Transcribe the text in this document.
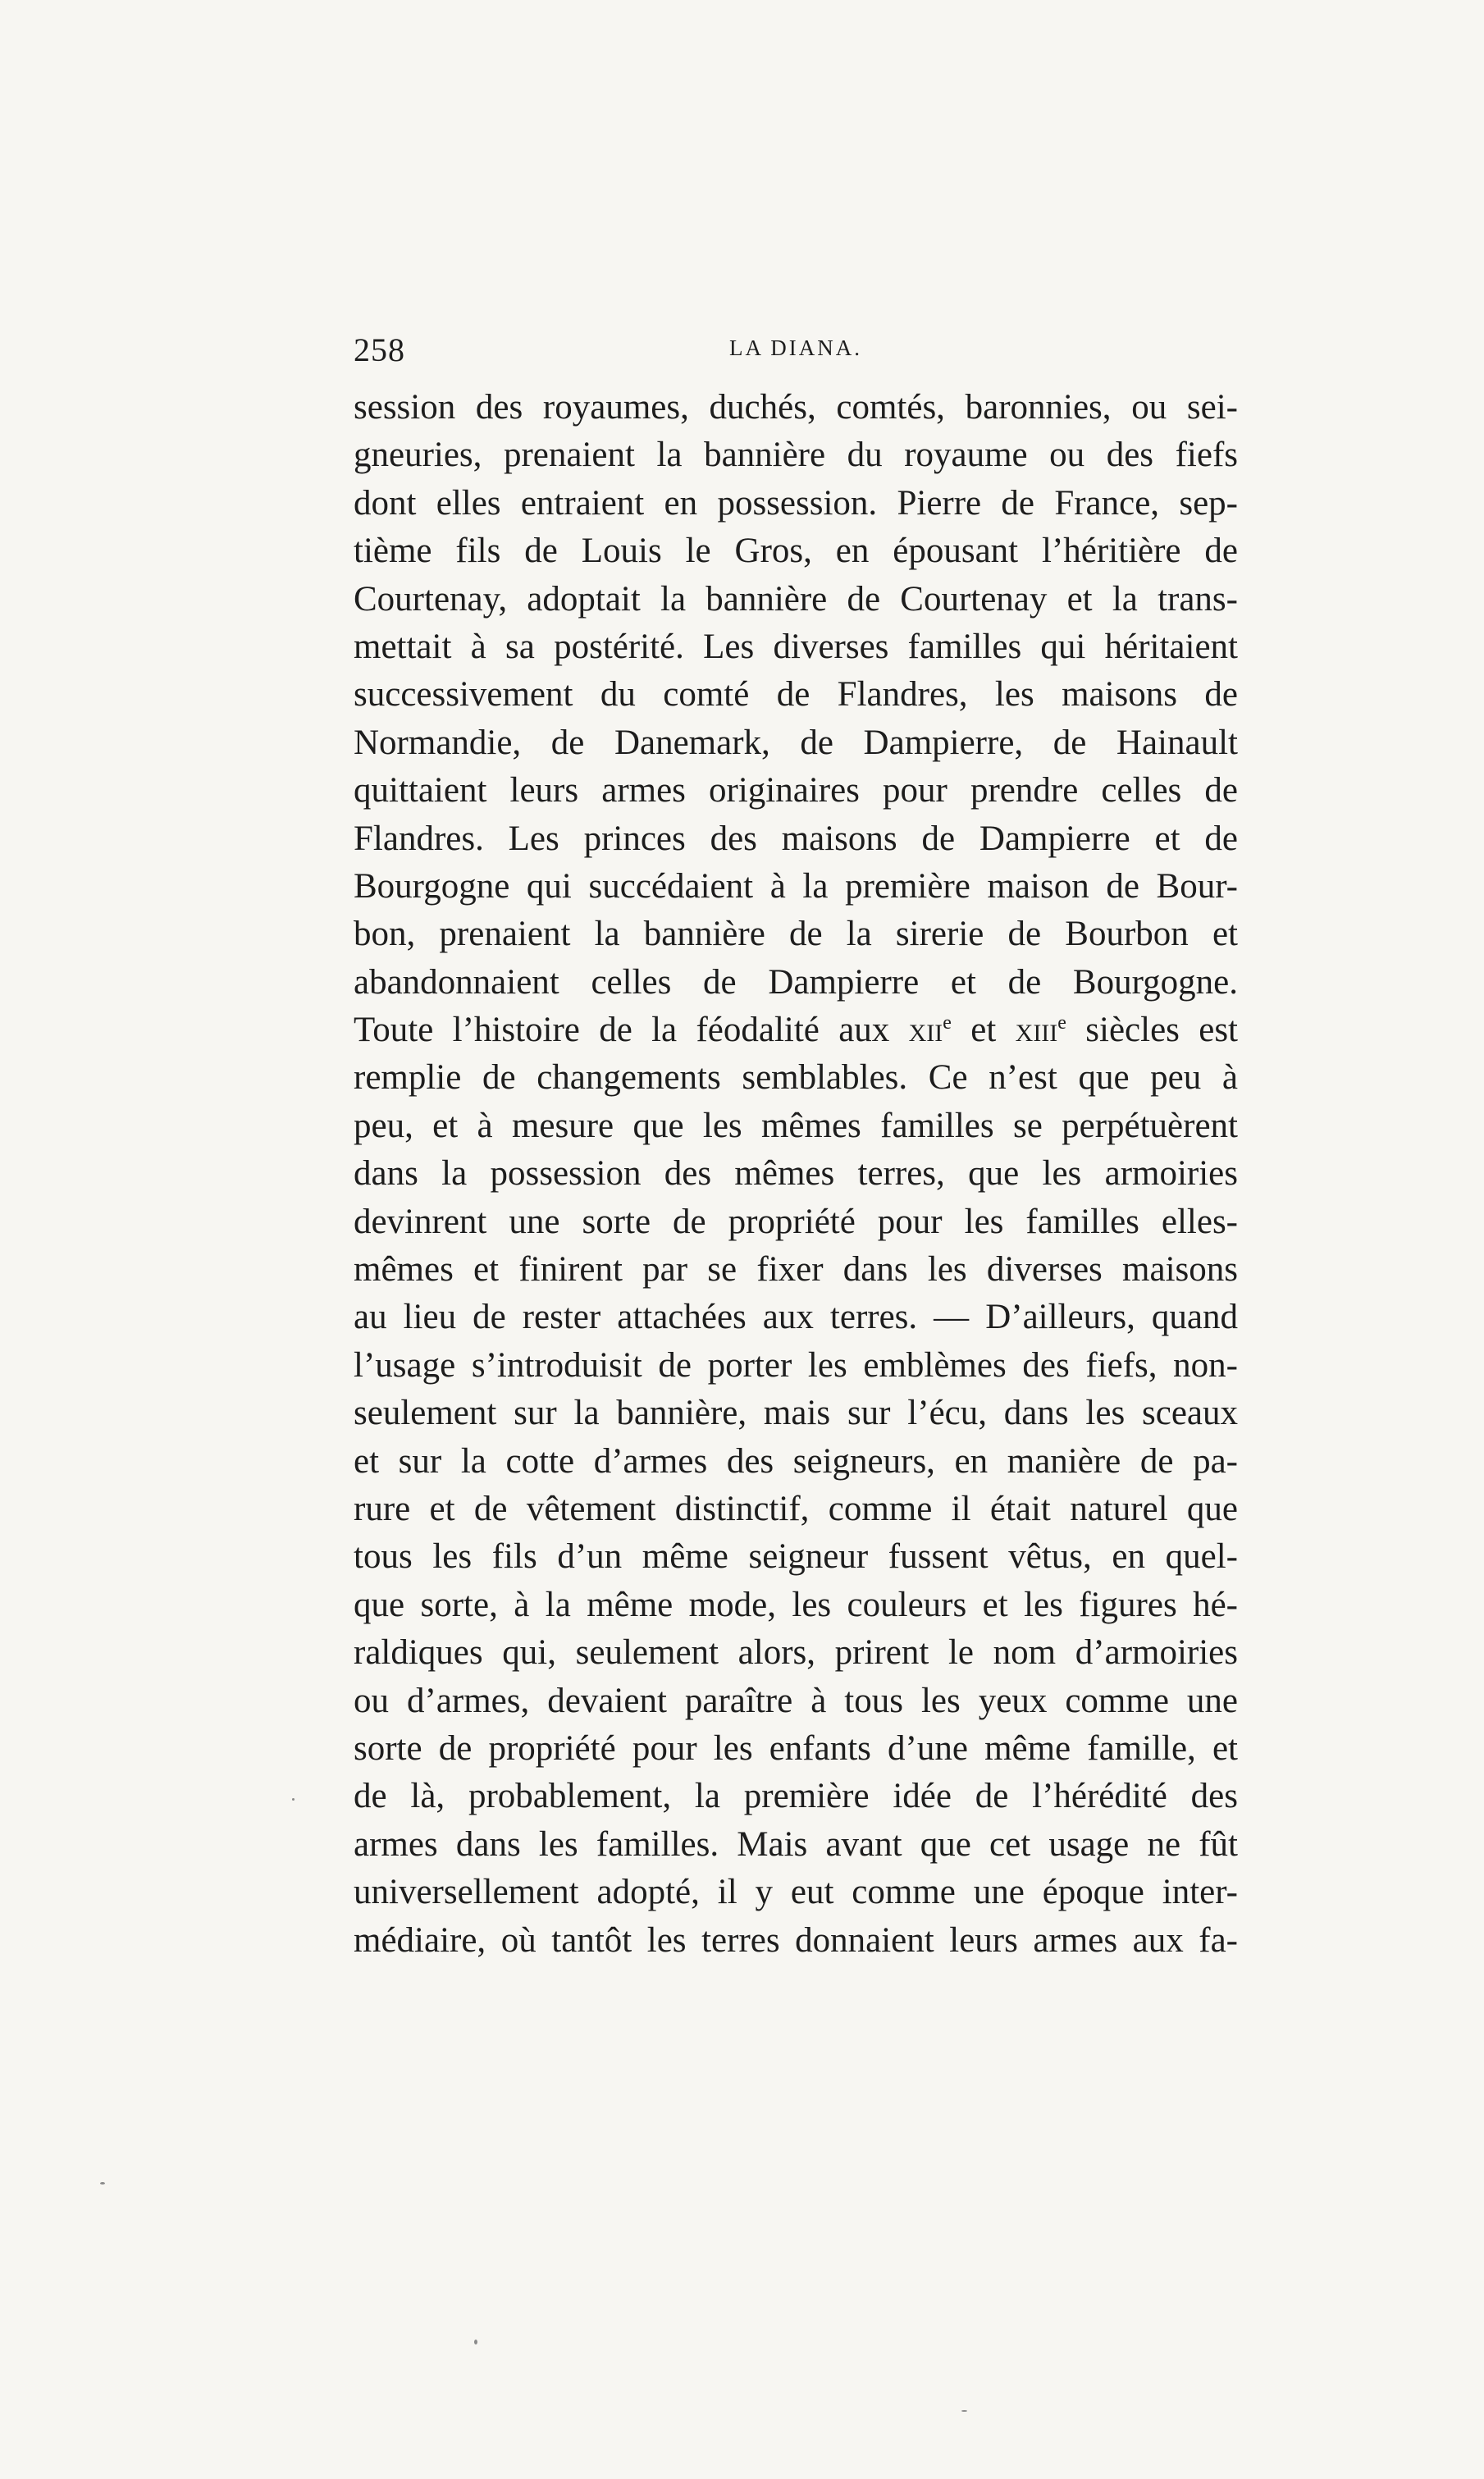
258	LA DIANA.
session des royaumes, duchés, comtés, baronnies, ou sei-
gneuries, prenaient la bannière du royaume ou des fiefs
dont elles entraient en possession. Pierre de France, sep-
tième fils de Louis le Gros, en épousant l’héritière de
Courtenay, adoptait la bannière de Courtenay et la trans-
mettait à sa postérité. Les diverses familles qui héritaient
successivement du comté de Flandres, les maisons de
Normandie, de Danemark, de Dampierre, de Hainault
quittaient leurs armes originaires pour prendre celles de
Flandres. Les princes des maisons de Dampierre et de
Bourgogne qui succédaient à la première maison de Bour-
bon, prenaient la bannière de la sirerie de Bourbon et
abandonnaient celles de Dampierre et de Bourgogne.
Toute l’histoire de la féodalité aux xii$^e$ et xiii$^e$ siècles est
remplie de changements semblables. Ce n’est que peu à
peu, et à mesure que les mêmes familles se perpétuèrent
dans la possession des mêmes terres, que les armoiries
devinrent une sorte de propriété pour les familles elles-
mêmes et finirent par se fixer dans les diverses maisons
au lieu de rester attachées aux terres. — D’ailleurs, quand
l’usage s’introduisit de porter les emblèmes des fiefs, non-
seulement sur la bannière, mais sur l’écu, dans les sceaux
et sur la cotte d’armes des seigneurs, en manière de pa-
rure et de vêtement distinctif, comme il était naturel que
tous les fils d’un même seigneur fussent vêtus, en quel-
que sorte, à la même mode, les couleurs et les figures hé-
raldiques qui, seulement alors, prirent le nom d’armoiries
ou d’armes, devaient paraître à tous les yeux comme une
sorte de propriété pour les enfants d’une même famille, et
de là, probablement, la première idée de l’hérédité des
armes dans les familles. Mais avant que cet usage ne fût
universellement adopté, il y eut comme une époque inter-
médiaire, où tantôt les terres donnaient leurs armes aux fa-
